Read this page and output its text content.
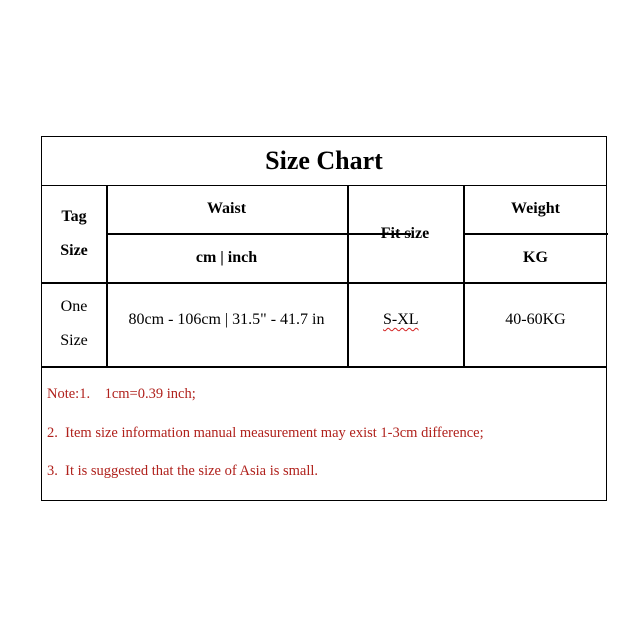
Size Chart
Tag
Size
Waist
cm | inch
Fit size
Weight
KG
One
Size
80cm - 106cm | 31.5" - 41.7 in	S-XL	40-60KG
Note:1.    1cm=0.39 inch;
2.  Item size information manual measurement may exist 1-3cm difference;
3.  It is suggested that the size of Asia is small.
